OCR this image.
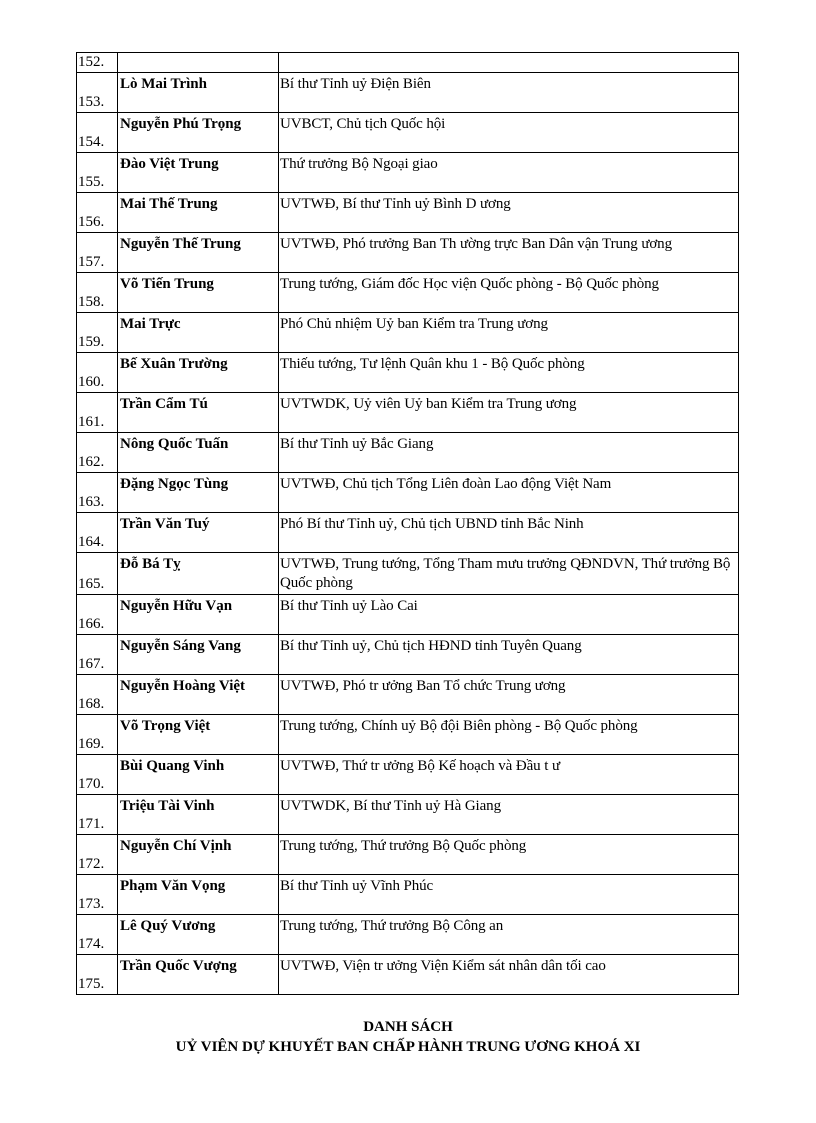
152.		
153.	Lò Mai Trình	Bí thư Tỉnh uỷ Điện Biên
154.	Nguyễn Phú Trọng	UVBCT, Chủ tịch Quốc hội
155.	Đào Việt Trung	Thứ trưởng Bộ Ngoại giao
156.	Mai Thế Trung	UVTWĐ, Bí thư Tỉnh uỷ Bình D ương
157.	Nguyễn Thế Trung	UVTWĐ, Phó trưởng Ban Th ường trực Ban Dân vận Trung ương
158.	Võ Tiến Trung	Trung tướng, Giám đốc Học viện Quốc phòng - Bộ Quốc phòng
159.	Mai Trực	Phó Chủ nhiệm Uỷ ban Kiểm tra Trung ương
160.	Bế Xuân Trường	Thiếu tướng, Tư lệnh Quân khu 1 - Bộ Quốc phòng
161.	Trần Cẩm Tú	UVTWDK, Uỷ viên Uỷ ban Kiểm tra Trung ương
162.	Nông Quốc Tuấn	Bí thư Tỉnh uỷ Bắc Giang
163.	Đặng Ngọc Tùng	UVTWĐ, Chủ tịch Tổng Liên đoàn Lao động Việt Nam
164.	Trần Văn Tuý	Phó Bí thư Tỉnh uỷ, Chủ tịch UBND tỉnh Bắc Ninh
165.	Đỗ Bá Tỵ	UVTWĐ, Trung tướng, Tổng Tham mưu trưởng QĐNDVN, Thứ trưởng Bộ Quốc phòng
166.	Nguyễn Hữu Vạn	Bí thư Tỉnh uỷ Lào Cai
167.	Nguyễn Sáng Vang	Bí thư Tỉnh uỷ, Chủ tịch HĐND tỉnh Tuyên Quang
168.	Nguyễn Hoàng Việt	UVTWĐ, Phó tr ưởng Ban Tổ chức Trung ương
169.	Võ Trọng Việt	Trung tướng, Chính uỷ Bộ đội Biên phòng - Bộ Quốc phòng
170.	Bùi Quang Vinh	UVTWĐ, Thứ tr ưởng Bộ Kế hoạch và Đầu t ư
171.	Triệu Tài Vinh	UVTWDK, Bí thư Tỉnh uỷ Hà Giang
172.	Nguyễn Chí Vịnh	Trung tướng, Thứ trưởng Bộ Quốc phòng
173.	Phạm Văn Vọng	Bí thư Tỉnh uỷ Vĩnh Phúc
174.	Lê Quý Vương	Trung tướng, Thứ trưởng Bộ Công an
175.	Trần Quốc Vượng	UVTWĐ, Viện tr ưởng Viện Kiểm sát nhân dân tối cao
DANH SÁCH
UỶ VIÊN DỰ KHUYẾT BAN CHẤP HÀNH TRUNG ƯƠNG KHOÁ XI
